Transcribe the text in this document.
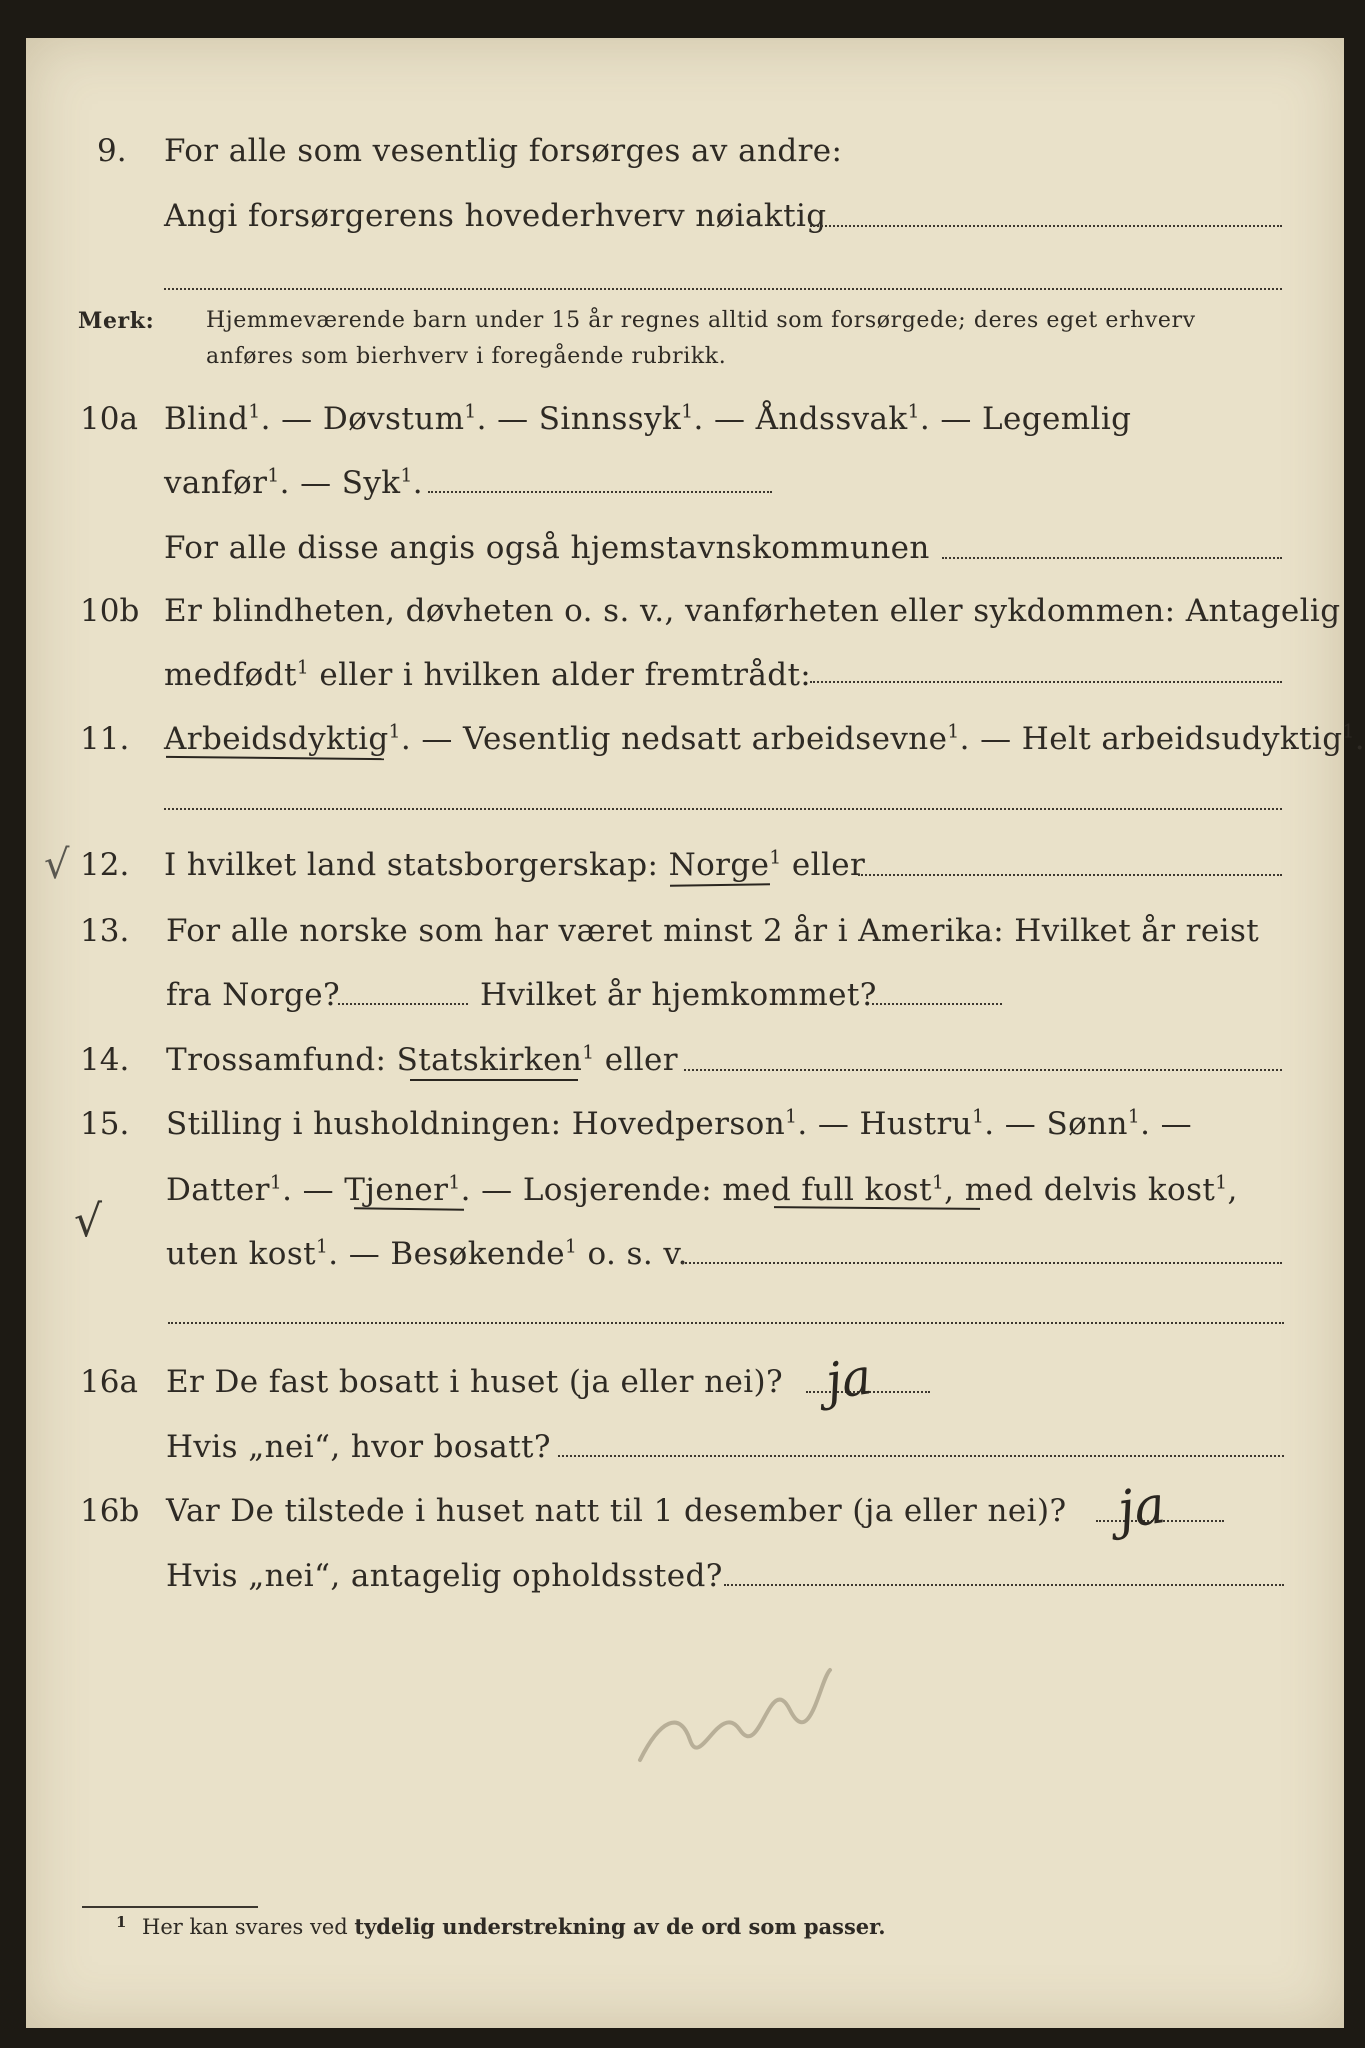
9. For alle som vesentlig forsørges av andre:
Angi forsørgerens hovederhverv nøiaktig
Merk: Hjemmeværende barn under 15 år regnes alltid som forsørgede; deres eget erhverv
anføres som bierhverv i foregående rubrikk.
10a Blind$^1$. — Døvstum$^1$. — Sinnssyk$^1$. — Åndssvak$^1$. — Legemlig
vanfør$^1$. — Syk$^1$.
For alle disse angis også hjemstavnskommunen
10b Er blindheten, døvheten o. s. v., vanførheten eller sykdommen: Antagelig
medfødt$^1$ eller i hvilken alder fremtrådt:
11. Arbeidsdyktig$^1$. — Vesentlig nedsatt arbeidsevne$^1$. — Helt arbeidsudyktig$^1$.
√ 12. I hvilket land statsborgerskap: Norge$^1$ eller
13. For alle norske som har været minst 2 år i Amerika: Hvilket år reist
fra Norge?	Hvilket år hjemkommet?
14. Trossamfund: Statskirken$^1$ eller
15. Stilling i husholdningen: Hovedperson$^1$. — Hustru$^1$. — Sønn$^1$. —
√
Datter$^1$. — Tjener$^1$. — Losjerende: med full kost$^1$, med delvis kost$^1$,
uten kost$^1$. — Besøkende$^1$ o. s. v.
16a Er De fast bosatt i huset (ja eller nei)? ja
Hvis „nei“, hvor bosatt?
16b Var De tilstede i huset natt til 1 desember (ja eller nei)? ja
Hvis „nei“, antagelig opholdssted?
1 Her kan svares ved tydelig understrekning av de ord som passer.
